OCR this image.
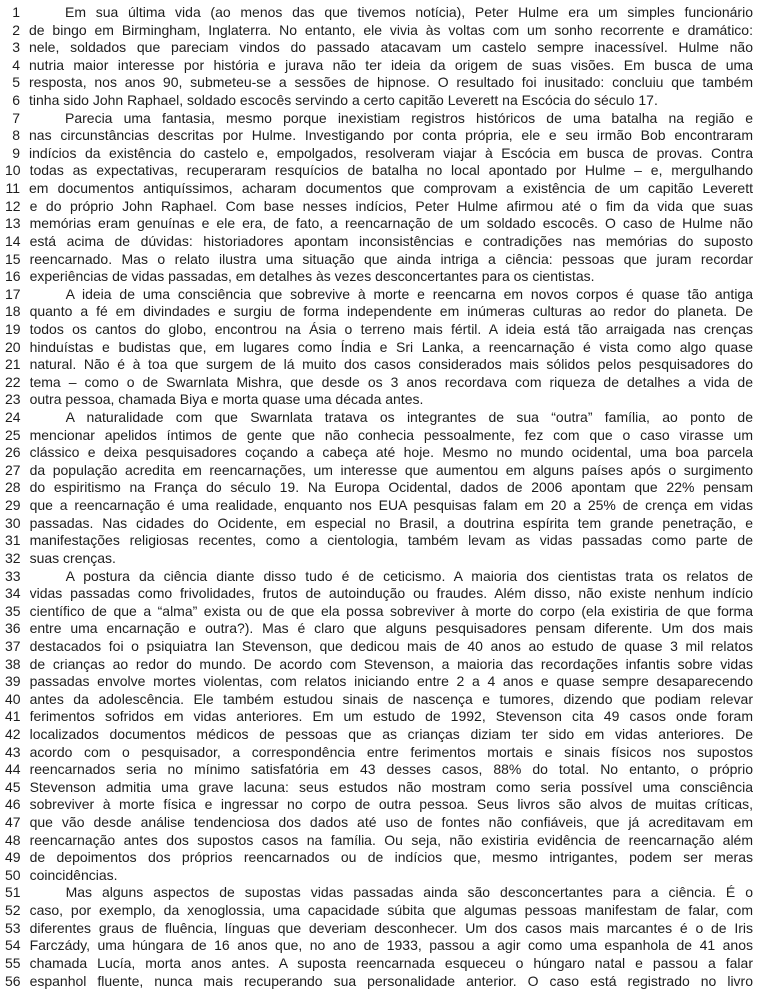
1	Em sua última vida (ao menos das que tivemos notícia), Peter Hulme era um simples funcionário
2 de bingo em Birmingham, Inglaterra. No entanto, ele vivia às voltas com um sonho recorrente e dramático:
3 nele, soldados que pareciam vindos do passado atacavam um castelo sempre inacessível. Hulme não
4 nutria maior interesse por história e jurava não ter ideia da origem de suas visões. Em busca de uma
5 resposta, nos anos 90, submeteu-se a sessões de hipnose. O resultado foi inusitado: concluiu que também
6 tinha sido John Raphael, soldado escocês servindo a certo capitão Leverett na Escócia do século 17.
7	Parecia uma fantasia, mesmo porque inexistiam registros históricos de uma batalha na região e
8 nas circunstâncias descritas por Hulme. Investigando por conta própria, ele e seu irmão Bob encontraram
9 indícios da existência do castelo e, empolgados, resolveram viajar à Escócia em busca de provas. Contra
10 todas as expectativas, recuperaram resquícios de batalha no local apontado por Hulme – e, mergulhando
11 em documentos antiquíssimos, acharam documentos que comprovam a existência de um capitão Leverett
12 e do próprio John Raphael. Com base nesses indícios, Peter Hulme afirmou até o fim da vida que suas
13 memórias eram genuínas e ele era, de fato, a reencarnação de um soldado escocês. O caso de Hulme não
14 está acima de dúvidas: historiadores apontam inconsistências e contradições nas memórias do suposto
15 reencarnado. Mas o relato ilustra uma situação que ainda intriga a ciência: pessoas que juram recordar
16 experiências de vidas passadas, em detalhes às vezes desconcertantes para os cientistas.
17	A ideia de uma consciência que sobrevive à morte e reencarna em novos corpos é quase tão antiga
18 quanto a fé em divindades e surgiu de forma independente em inúmeras culturas ao redor do planeta. De
19 todos os cantos do globo, encontrou na Ásia o terreno mais fértil. A ideia está tão arraigada nas crenças
20 hinduístas e budistas que, em lugares como Índia e Sri Lanka, a reencarnação é vista como algo quase
21 natural. Não é à toa que surgem de lá muito dos casos considerados mais sólidos pelos pesquisadores do
22 tema – como o de Swarnlata Mishra, que desde os 3 anos recordava com riqueza de detalhes a vida de
23 outra pessoa, chamada Biya e morta quase uma década antes.
24	A naturalidade com que Swarnlata tratava os integrantes de sua “outra” família, ao ponto de
25 mencionar apelidos íntimos de gente que não conhecia pessoalmente, fez com que o caso virasse um
26 clássico e deixa pesquisadores coçando a cabeça até hoje. Mesmo no mundo ocidental, uma boa parcela
27 da população acredita em reencarnações, um interesse que aumentou em alguns países após o surgimento
28 do espiritismo na França do século 19. Na Europa Ocidental, dados de 2006 apontam que 22% pensam
29 que a reencarnação é uma realidade, enquanto nos EUA pesquisas falam em 20 a 25% de crença em vidas
30 passadas. Nas cidades do Ocidente, em especial no Brasil, a doutrina espírita tem grande penetração, e
31 manifestações religiosas recentes, como a cientologia, também levam as vidas passadas como parte de
32 suas crenças.
33	A postura da ciência diante disso tudo é de ceticismo. A maioria dos cientistas trata os relatos de
34 vidas passadas como frivolidades, frutos de autoindução ou fraudes. Além disso, não existe nenhum indício
35 científico de que a “alma” exista ou de que ela possa sobreviver à morte do corpo (ela existiria de que forma
36 entre uma encarnação e outra?). Mas é claro que alguns pesquisadores pensam diferente. Um dos mais
37 destacados foi o psiquiatra Ian Stevenson, que dedicou mais de 40 anos ao estudo de quase 3 mil relatos
38 de crianças ao redor do mundo. De acordo com Stevenson, a maioria das recordações infantis sobre vidas
39 passadas envolve mortes violentas, com relatos iniciando entre 2 a 4 anos e quase sempre desaparecendo
40 antes da adolescência. Ele também estudou sinais de nascença e tumores, dizendo que podiam relevar
41 ferimentos sofridos em vidas anteriores. Em um estudo de 1992, Stevenson cita 49 casos onde foram
42 localizados documentos médicos de pessoas que as crianças diziam ter sido em vidas anteriores. De
43 acordo com o pesquisador, a correspondência entre ferimentos mortais e sinais físicos nos supostos
44 reencarnados seria no mínimo satisfatória em 43 desses casos, 88% do total. No entanto, o próprio
45 Stevenson admitia uma grave lacuna: seus estudos não mostram como seria possível uma consciência
46 sobreviver à morte física e ingressar no corpo de outra pessoa. Seus livros são alvos de muitas críticas,
47 que vão desde análise tendenciosa dos dados até uso de fontes não confiáveis, que já acreditavam em
48 reencarnação antes dos supostos casos na família. Ou seja, não existiria evidência de reencarnação além
49 de depoimentos dos próprios reencarnados ou de indícios que, mesmo intrigantes, podem ser meras
50 coincidências.
51	Mas alguns aspectos de supostas vidas passadas ainda são desconcertantes para a ciência. É o
52 caso, por exemplo, da xenoglossia, uma capacidade súbita que algumas pessoas manifestam de falar, com
53 diferentes graus de fluência, línguas que deveriam desconhecer. Um dos casos mais marcantes é o de Iris
54 Farczády, uma húngara de 16 anos que, no ano de 1933, passou a agir como uma espanhola de 41 anos
55 chamada Lucía, morta anos antes. A suposta reencarnada esqueceu o húngaro natal e passou a falar
56 espanhol fluente, nunca mais recuperando sua personalidade anterior. O caso está registrado no livro
